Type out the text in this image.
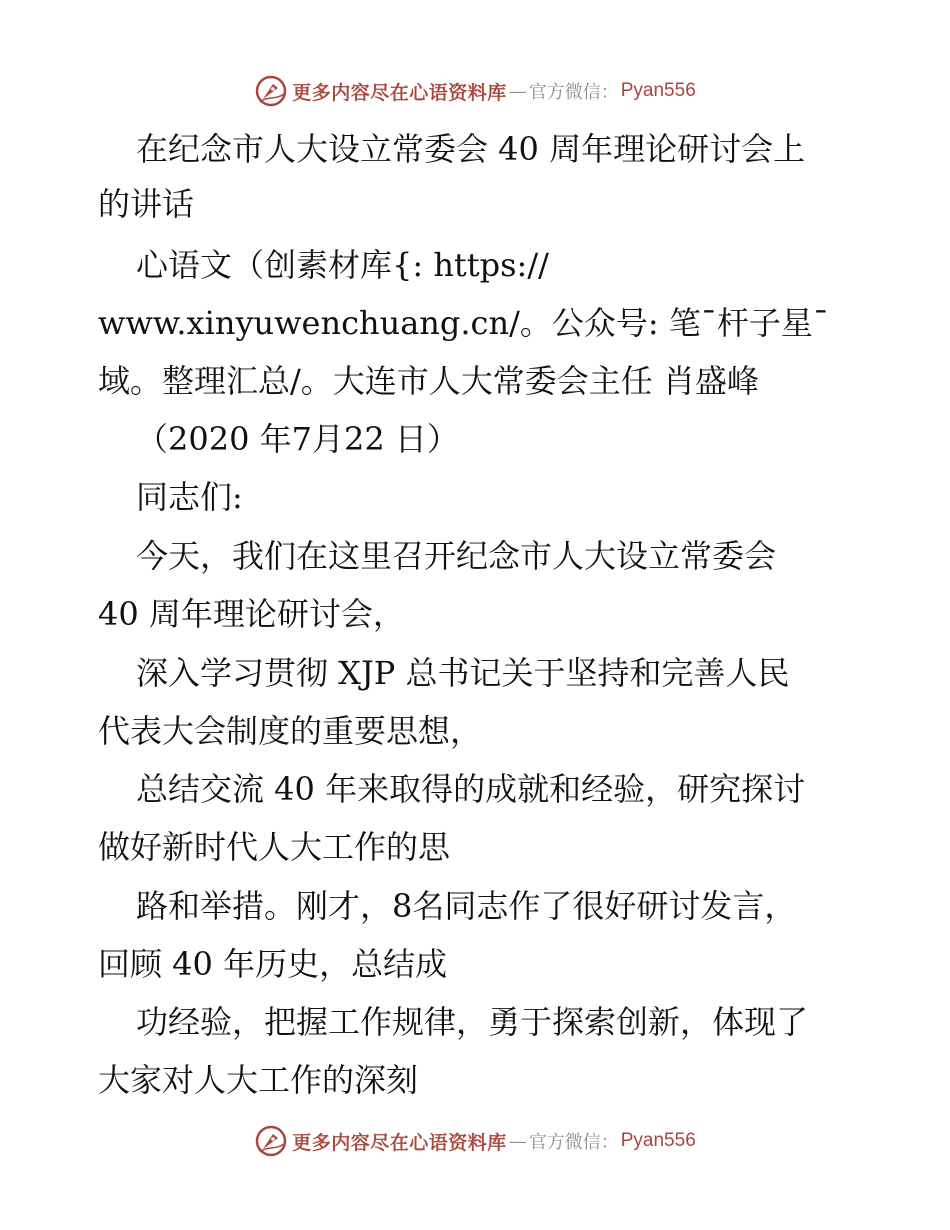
更多内容尽在心语资料库 — 官方微信： Pyan556
在纪念市人大设立常委会 40 周年理论研讨会上
的讲话
心语文（创素材库{: https://
www.xinyuwenchuang.cn/。公众号: 笔¯杆子星¯
域。整理汇总/。大连市人大常委会主任 肖盛峰
（2020 年7月22 日）
同志们:
今天，我们在这里召开纪念市人大设立常委会
40 周年理论研讨会，
深入学习贯彻 XJP 总书记关于坚持和完善人民
代表大会制度的重要思想，
总结交流 40 年来取得的成就和经验，研究探讨
做好新时代人大工作的思
路和举措。刚才，8名同志作了很好研讨发言，
回顾 40 年历史，总结成
功经验，把握工作规律，勇于探索创新，体现了
大家对人大工作的深刻
更多内容尽在心语资料库 — 官方微信： Pyan556
